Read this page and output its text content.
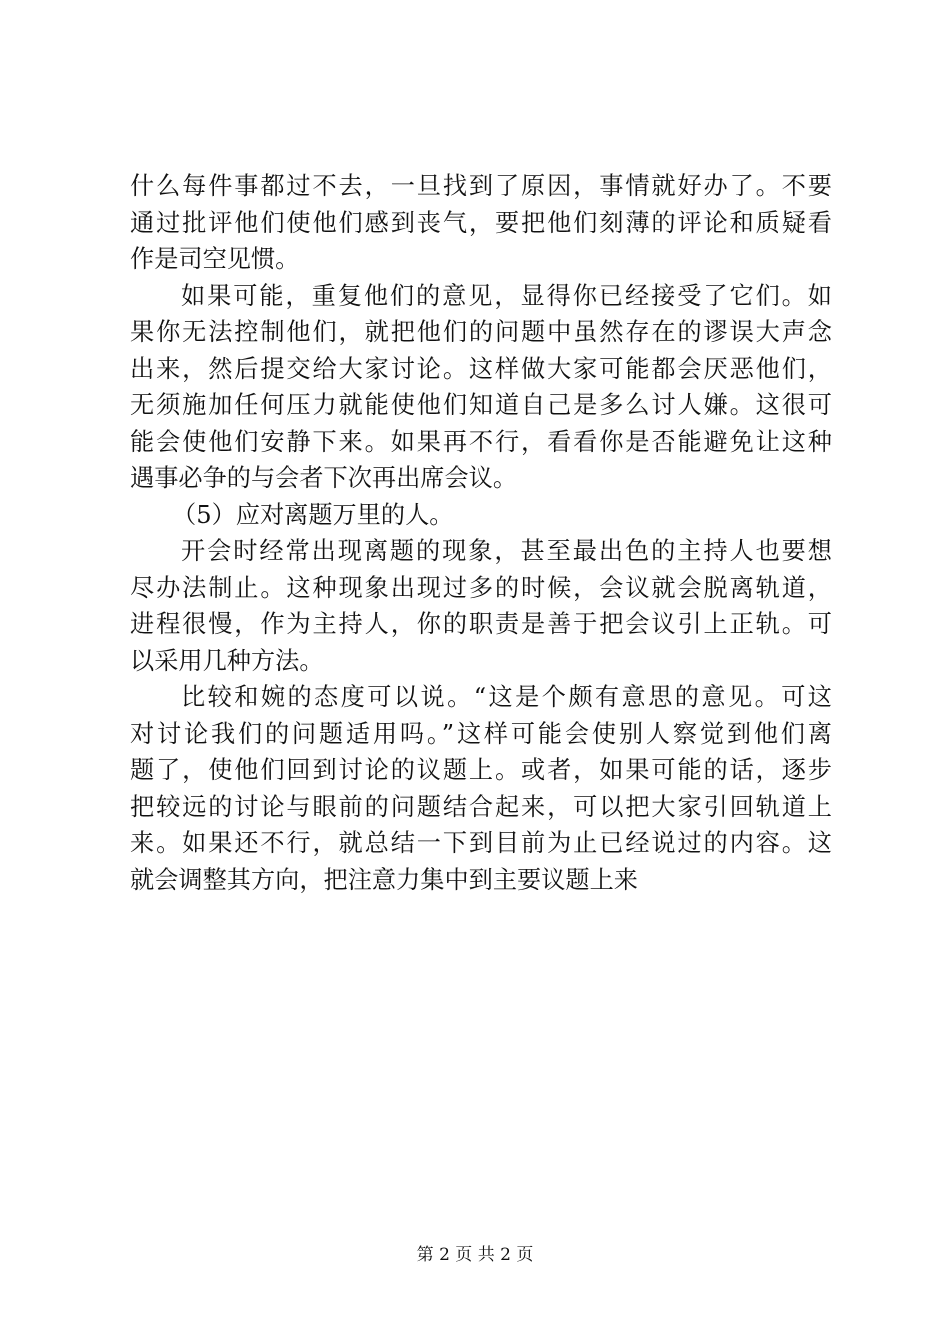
什么每件事都过不去，一旦找到了原因，事情就好办了。不要
通过批评他们使他们感到丧气，要把他们刻薄的评论和质疑看
作是司空见惯。
如果可能，重复他们的意见，显得你已经接受了它们。如
果你无法控制他们，就把他们的问题中虽然存在的谬误大声念
出来，然后提交给大家讨论。这样做大家可能都会厌恶他们，
无须施加任何压力就能使他们知道自己是多么讨人嫌。这很可
能会使他们安静下来。如果再不行，看看你是否能避免让这种
遇事必争的与会者下次再出席会议。
（5）应对离题万里的人。
开会时经常出现离题的现象，甚至最出色的主持人也要想
尽办法制止。这种现象出现过多的时候，会议就会脱离轨道，
进程很慢，作为主持人，你的职责是善于把会议引上正轨。可
以采用几种方法。
比较和婉的态度可以说。“这是个颇有意思的意见。可这
对讨论我们的问题适用吗。”这样可能会使别人察觉到他们离
题了，使他们回到讨论的议题上。或者，如果可能的话，逐步
把较远的讨论与眼前的问题结合起来，可以把大家引回轨道上
来。如果还不行，就总结一下到目前为止已经说过的内容。这
就会调整其方向，把注意力集中到主要议题上来
第 2 页 共 2 页
